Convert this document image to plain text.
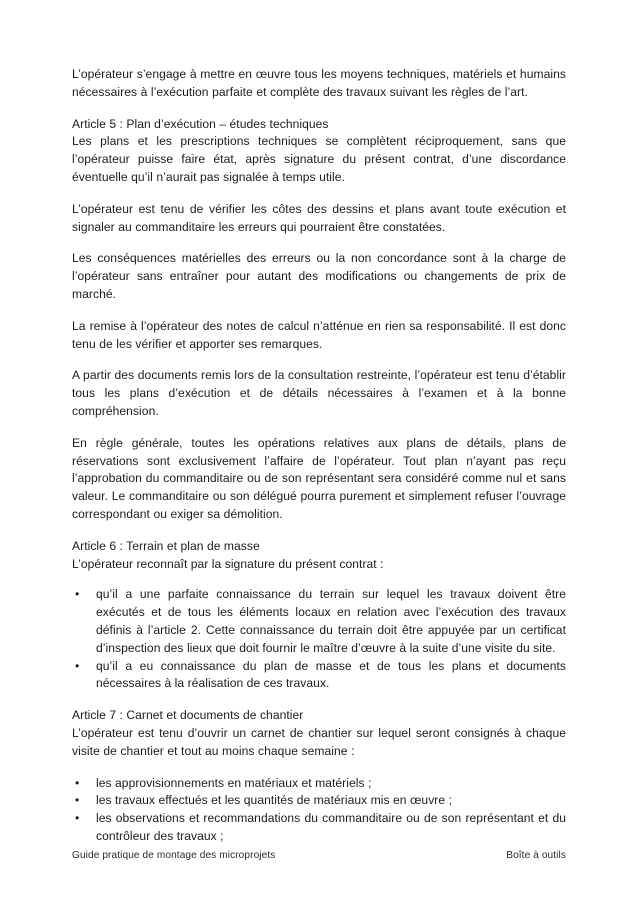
L’opérateur s’engage à mettre en œuvre tous les moyens techniques, matériels et humains nécessaires à l’exécution parfaite et complète des travaux suivant les règles de l’art.

Article 5 : Plan d’exécution – études techniques

Les plans et les prescriptions techniques se complètent réciproquement, sans que l’opérateur puisse faire état, après signature du présent contrat, d’une discordance éventuelle qu’il n’aurait pas signalée à temps utile.

L’opérateur est tenu de vérifier les côtes des dessins et plans avant toute exécution et signaler au commanditaire les erreurs qui pourraient être constatées.

Les conséquences matérielles des erreurs ou la non concordance sont à la charge de l’opérateur sans entraîner pour autant des modifications ou changements de prix de marché.

La remise à l’opérateur des notes de calcul n’atténue en rien sa responsabilité. Il est donc tenu de les vérifier et apporter ses remarques.

A partir des documents remis lors de la consultation restreinte, l’opérateur est tenu d’établir tous les plans d’exécution et de détails nécessaires à l’examen et à la bonne compréhension.

En règle générale, toutes les opérations relatives aux plans de détails, plans de réservations sont exclusivement l’affaire de l’opérateur. Tout plan n’ayant pas reçu l’approbation du commanditaire ou de son représentant sera considéré comme nul et sans valeur. Le commanditaire ou son délégué pourra purement et simplement refuser l’ouvrage correspondant ou exiger sa démolition.

Article 6 : Terrain et plan de masse

L’opérateur reconnaît par la signature du présent contrat :

• qu’il a une parfaite connaissance du terrain sur lequel les travaux doivent être exécutés et de tous les éléments locaux en relation avec l’exécution des travaux définis à l’article 2. Cette connaissance du terrain doit être appuyée par un certificat d’inspection des lieux que doit fournir le maître d’œuvre à la suite d’une visite du site.
• qu’il a eu connaissance du plan de masse et de tous les plans et documents nécessaires à la réalisation de ces travaux.

Article 7 : Carnet et documents de chantier

L’opérateur est tenu d’ouvrir un carnet de chantier sur lequel seront consignés à chaque visite de chantier et tout au moins chaque semaine :

• les approvisionnements en matériaux et matériels ;
• les travaux effectués et les quantités de matériaux mis en œuvre ;
• les observations et recommandations du commanditaire ou de son représentant et du contrôleur des travaux ;
Guide pratique de montage des microprojets	Boîte à outils
